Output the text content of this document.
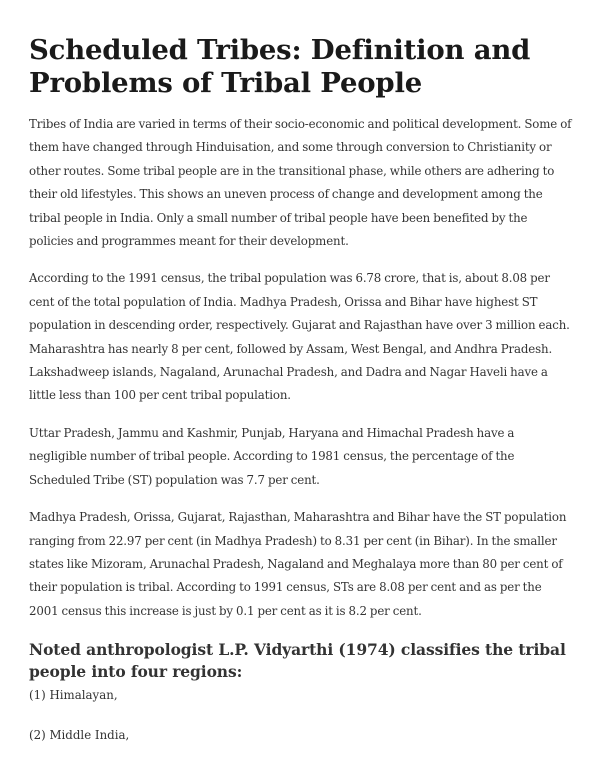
Scheduled Tribes: Definition and Problems of Tribal People

Tribes of India are varied in terms of their socio-economic and political development. Some of them have changed through Hinduisation, and some through conversion to Christianity or other routes. Some tribal people are in the transitional phase, while others are adhering to their old lifestyles. This shows an uneven process of change and development among the tribal people in India. Only a small number of tribal people have been benefited by the policies and programmes meant for their development.

According to the 1991 census, the tribal population was 6.78 crore, that is, about 8.08 per cent of the total population of India. Madhya Pradesh, Orissa and Bihar have highest ST population in descending order, respectively. Gujarat and Rajasthan have over 3 million each. Maharashtra has nearly 8 per cent, followed by Assam, West Bengal, and Andhra Pradesh. Lakshadweep islands, Nagaland, Arunachal Pradesh, and Dadra and Nagar Haveli have a little less than 100 per cent tribal population.

Uttar Pradesh, Jammu and Kashmir, Punjab, Haryana and Himachal Pradesh have a negligible number of tribal people. According to 1981 census, the percentage of the Scheduled Tribe (ST) population was 7.7 per cent.

Madhya Pradesh, Orissa, Gujarat, Rajasthan, Maharashtra and Bihar have the ST population ranging from 22.97 per cent (in Madhya Pradesh) to 8.31 per cent (in Bihar). In the smaller states like Mizoram, Arunachal Pradesh, Nagaland and Meghalaya more than 80 per cent of their population is tribal. According to 1991 census, STs are 8.08 per cent and as per the 2001 census this increase is just by 0.1 per cent as it is 8.2 per cent.

Noted anthropologist L.P. Vidyarthi (1974) classifies the tribal people into four regions:
(1) Himalayan,
(2) Middle India,
